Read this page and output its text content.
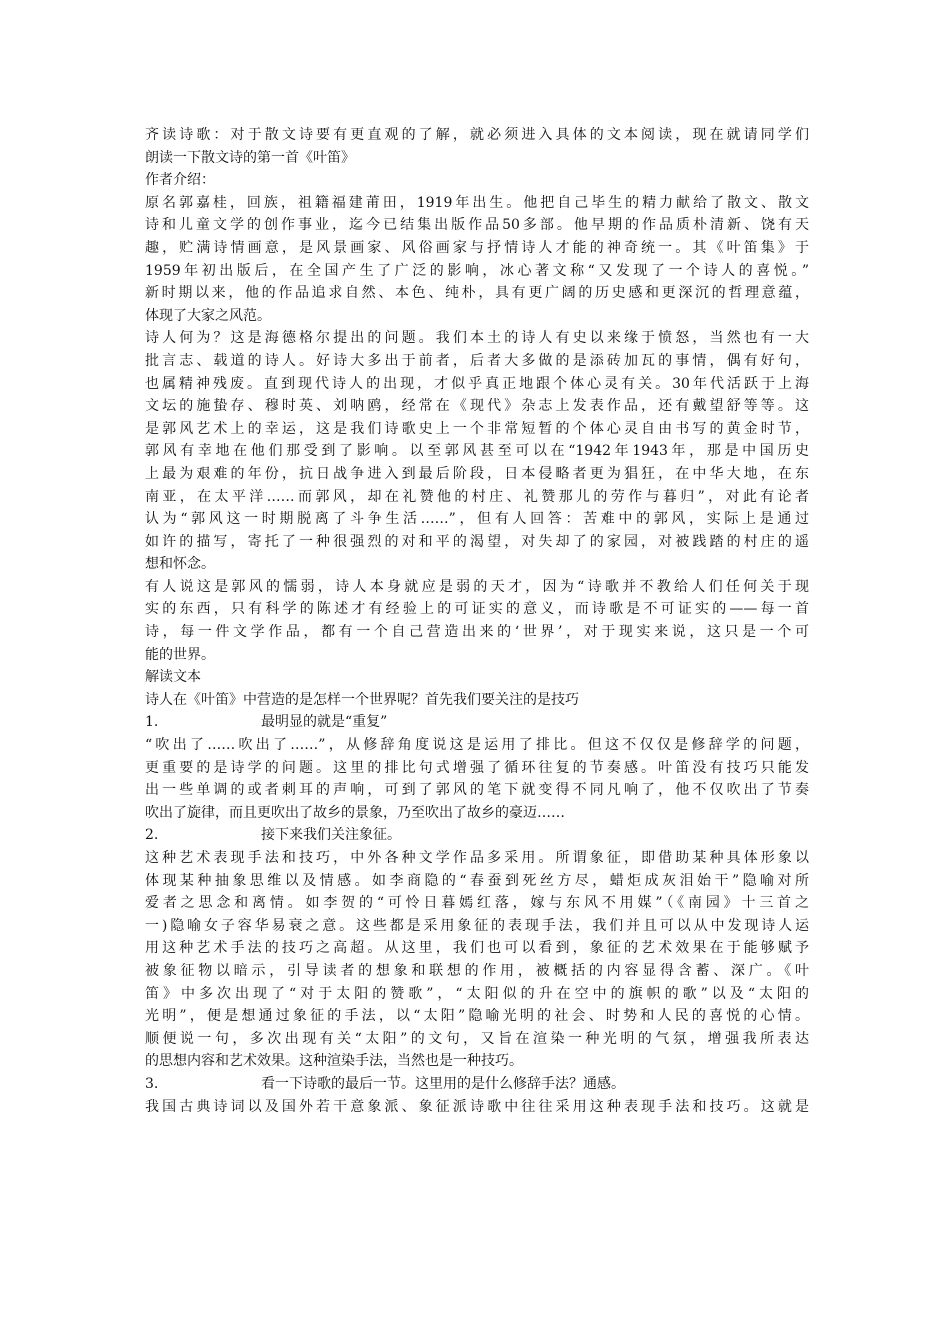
齐读诗歌：对于散文诗要有更直观的了解，就必须进入具体的文本阅读，现在就请同学们
朗读一下散文诗的第一首《叶笛》
作者介绍：
原名郭嘉桂，回族，祖籍福建莆田，1919年出生。他把自己毕生的精力献给了散文、散文
诗和儿童文学的创作事业，迄今已结集出版作品50多部。他早期的作品质朴清新、饶有天
趣，贮满诗情画意，是风景画家、风俗画家与抒情诗人才能的神奇统一。其《叶笛集》于
1959年初出版后，在全国产生了广泛的影响，冰心著文称“又发现了一个诗人的喜悦。”
新时期以来，他的作品追求自然、本色、纯朴，具有更广阔的历史感和更深沉的哲理意蕴，
体现了大家之风范。
诗人何为？这是海德格尔提出的问题。我们本土的诗人有史以来缘于愤怒，当然也有一大
批言志、载道的诗人。好诗大多出于前者，后者大多做的是添砖加瓦的事情，偶有好句，
也属精神残废。直到现代诗人的出现，才似乎真正地跟个体心灵有关。30年代活跃于上海
文坛的施蛰存、穆时英、刘呐鸥，经常在《现代》杂志上发表作品，还有戴望舒等等。这
是郭风艺术上的幸运，这是我们诗歌史上一个非常短暂的个体心灵自由书写的黄金时节，
郭风有幸地在他们那受到了影响。以至郭风甚至可以在“1942年1943年，那是中国历史
上最为艰难的年份，抗日战争进入到最后阶段，日本侵略者更为猖狂，在中华大地，在东
南亚，在太平洋……而郭风，却在礼赞他的村庄、礼赞那儿的劳作与暮归”，对此有论者
认为“郭风这一时期脱离了斗争生活……”，但有人回答：苦难中的郭风，实际上是通过
如许的描写，寄托了一种很强烈的对和平的渴望，对失却了的家园，对被践踏的村庄的遥
想和怀念。
有人说这是郭风的懦弱，诗人本身就应是弱的天才，因为“诗歌并不教给人们任何关于现
实的东西，只有科学的陈述才有经验上的可证实的意义，而诗歌是不可证实的——每一首
诗，每一件文学作品，都有一个自己营造出来的‘世界’，对于现实来说，这只是一个可
能的世界。
解读文本
诗人在《叶笛》中营造的是怎样一个世界呢？首先我们要关注的是技巧
1.	最明显的就是“重复”
“吹出了……吹出了……”，从修辞角度说这是运用了排比。但这不仅仅是修辞学的问题，
更重要的是诗学的问题。这里的排比句式增强了循环往复的节奏感。叶笛没有技巧只能发
出一些单调的或者刺耳的声响，可到了郭风的笔下就变得不同凡响了，他不仅吹出了节奏
吹出了旋律，而且更吹出了故乡的景象，乃至吹出了故乡的豪迈……
2.	接下来我们关注象征。
这种艺术表现手法和技巧，中外各种文学作品多采用。所谓象征，即借助某种具体形象以
体现某种抽象思维以及情感。如李商隐的“春蚕到死丝方尽，蜡炬成灰泪始干”隐喻对所
爱者之思念和离情。如李贺的“可怜日暮嫣红落，嫁与东风不用媒”（《南园》十三首之
一)隐喻女子容华易衰之意。这些都是采用象征的表现手法，我们并且可以从中发现诗人运
用这种艺术手法的技巧之高超。从这里，我们也可以看到，象征的艺术效果在于能够赋予
被象征物以暗示，引导读者的想象和联想的作用，被概括的内容显得含蓄、深广。《叶
笛》中多次出现了“对于太阳的赞歌”，“太阳似的升在空中的旗帜的歌”以及“太阳的
光明”，便是想通过象征的手法，以“太阳”隐喻光明的社会、时势和人民的喜悦的心情。
顺便说一句，多次出现有关“太阳”的文句，又旨在渲染一种光明的气氛，增强我所表达
的思想内容和艺术效果。这种渲染手法，当然也是一种技巧。
3.	看一下诗歌的最后一节。这里用的是什么修辞手法？通感。
我国古典诗词以及国外若干意象派、象征派诗歌中往往采用这种表现手法和技巧。这就是
